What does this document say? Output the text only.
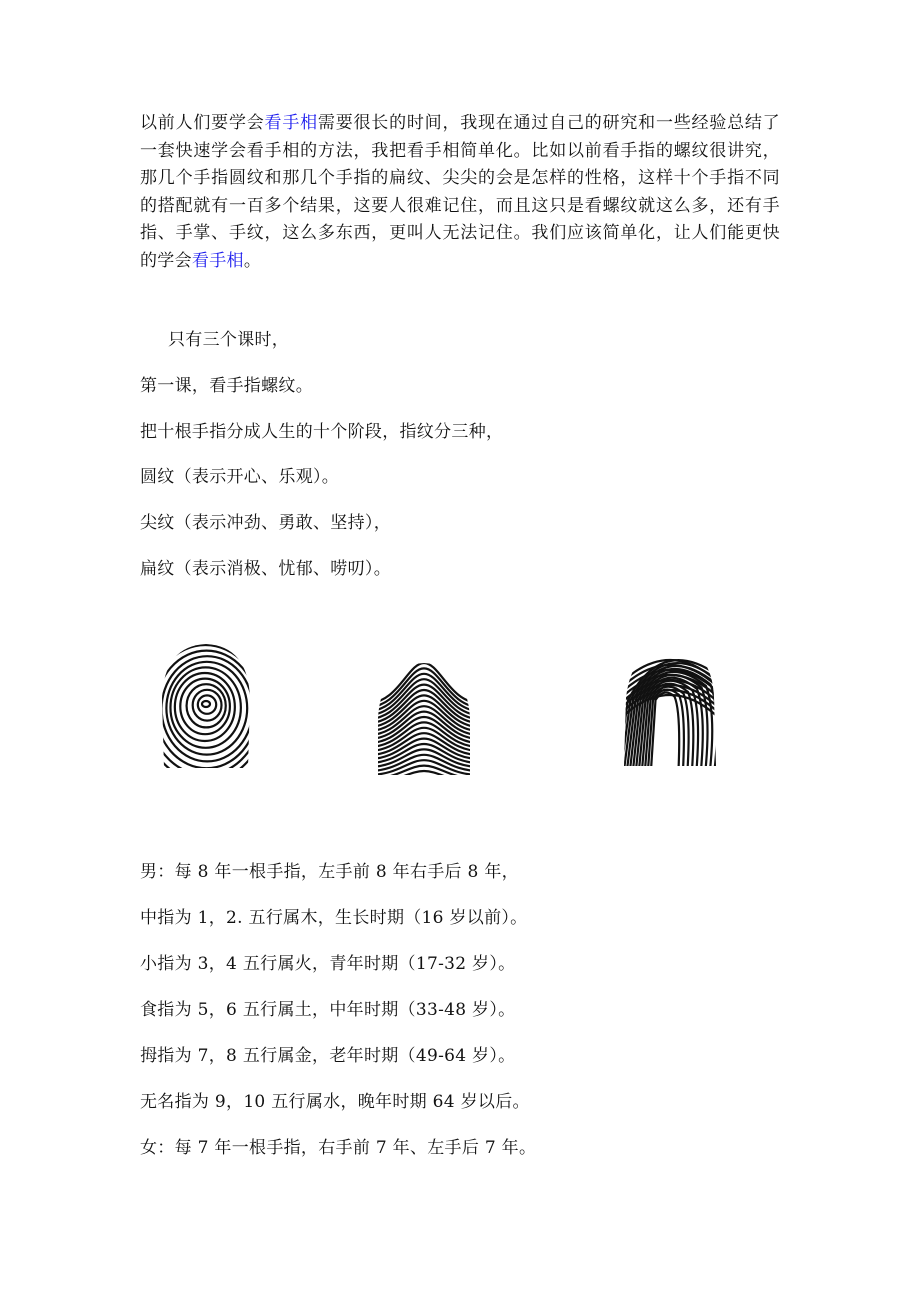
以前人们要学会看手相需要很长的时间，我现在通过自己的研究和一些经验总结了一套快速学会看手相的方法，我把看手相简单化。比如以前看手指的螺纹很讲究，那几个手指圆纹和那几个手指的扁纹、尖尖的会是怎样的性格，这样十个手指不同的搭配就有一百多个结果，这要人很难记住，而且这只是看螺纹就这么多，还有手指、手掌、手纹，这么多东西，更叫人无法记住。我们应该简单化，让人们能更快的学会看手相。

只有三个课时，

第一课，看手指螺纹。

把十根手指分成人生的十个阶段，指纹分三种，

圆纹（表示开心、乐观）。

尖纹（表示冲劲、勇敢、坚持），

扁纹（表示消极、忧郁、唠叨）。

男：每 8 年一根手指，左手前 8 年右手后 8 年，

中指为 1，2. 五行属木，生长时期（16 岁以前）。

小指为 3，4 五行属火，青年时期（17-32 岁）。

食指为 5，6 五行属土，中年时期（33-48 岁）。

拇指为 7，8 五行属金，老年时期（49-64 岁）。

无名指为 9，10 五行属水，晚年时期 64 岁以后。

女：每 7 年一根手指，右手前 7 年、左手后 7 年。
